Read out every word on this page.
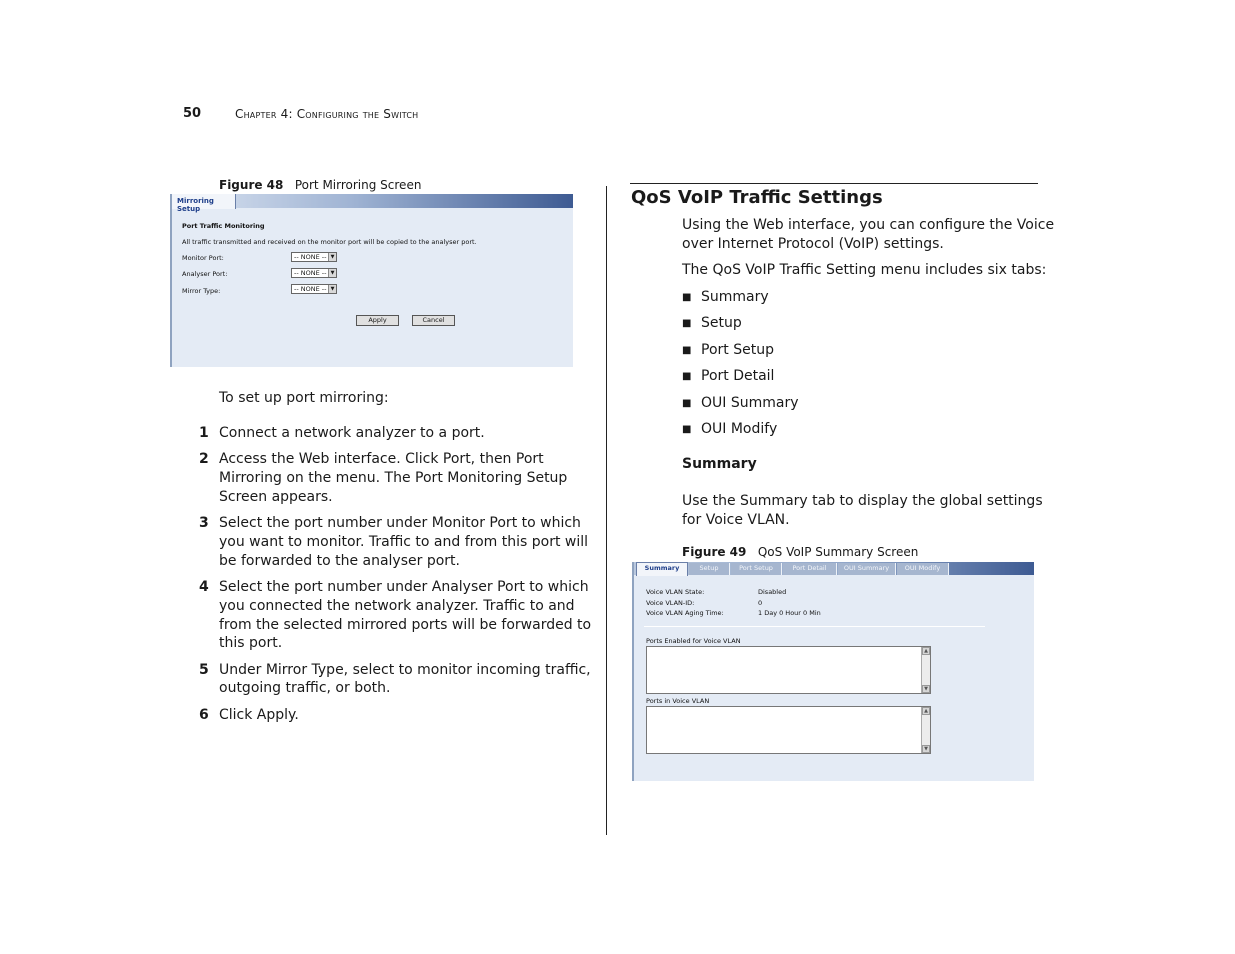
50	Chapter 4: Configuring the Switch
Figure 48 Port Mirroring Screen
Mirroring Setup
Port Traffic Monitoring
All traffic transmitted and received on the monitor port will be copied to the analyser port.
Monitor Port:	-- NONE -- ▼
Analyser Port:	-- NONE -- ▼
Mirror Type:	-- NONE -- ▼
Apply	Cancel
To set up port mirroring:
1 Connect a network analyzer to a port.
2 Access the Web interface. Click Port, then Port
Mirroring on the menu. The Port Monitoring Setup
Screen appears.
3 Select the port number under Monitor Port to which
you want to monitor. Traffic to and from this port will
be forwarded to the analyser port.
4 Select the port number under Analyser Port to which
you connected the network analyzer. Traffic to and
from the selected mirrored ports will be forwarded to
this port.
5 Under Mirror Type, select to monitor incoming traffic,
outgoing traffic, or both.
6 Click Apply.
QoS VoIP Traffic Settings
Using the Web interface, you can configure the Voice
over Internet Protocol (VoIP) settings.
The QoS VoIP Traffic Setting menu includes six tabs:
■ Summary
■ Setup
■ Port Setup
■ Port Detail
■ OUI Summary
■ OUI Modify
Summary
Use the Summary tab to display the global settings
for Voice VLAN.
Figure 49 QoS VoIP Summary Screen
Summary	Setup	Port Setup	Port Detail	OUI Summary	OUI Modify
Voice VLAN State:	Disabled
Voice VLAN-ID:	0
Voice VLAN Aging Time:	1 Day 0 Hour 0 Min
Ports Enabled for Voice VLAN
▲
▼
Ports in Voice VLAN
▲
▼
